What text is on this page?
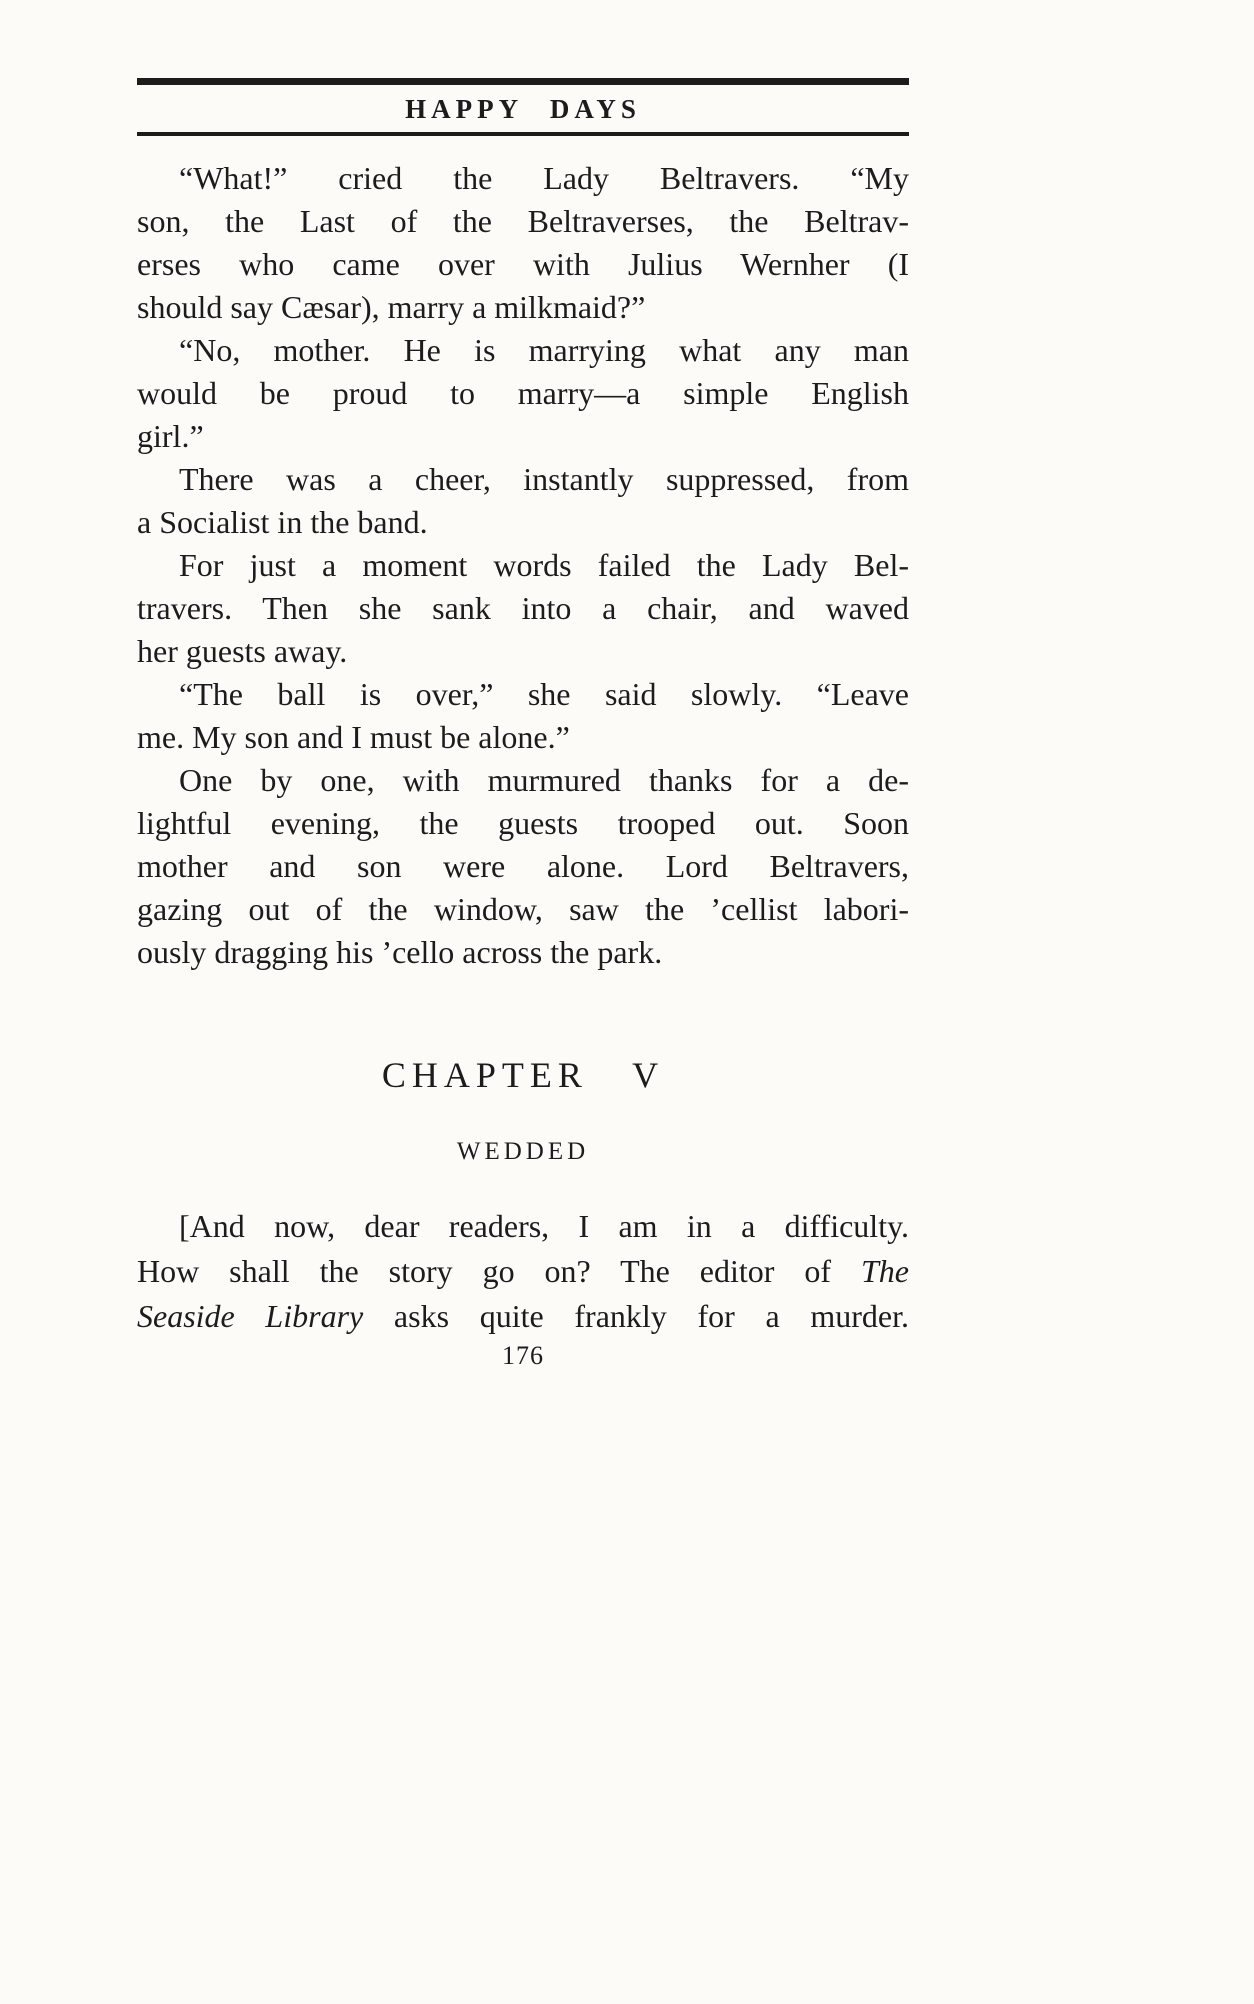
HAPPY DAYS
“What!” cried the Lady Beltravers. “My
son, the Last of the Beltraverses, the Beltrav-
erses who came over with Julius Wernher (I
should say Cæsar), marry a milkmaid?”
“No, mother. He is marrying what any man
would be proud to marry—a simple English
girl.”
There was a cheer, instantly suppressed, from
a Socialist in the band.
For just a moment words failed the Lady Bel-
travers. Then she sank into a chair, and waved
her guests away.
“The ball is over,” she said slowly. “Leave
me. My son and I must be alone.”
One by one, with murmured thanks for a de-
lightful evening, the guests trooped out. Soon
mother and son were alone. Lord Beltravers,
gazing out of the window, saw the ’cellist labori-
ously dragging his ’cello across the park.
CHAPTER V
WEDDED
[And now, dear readers, I am in a difficulty.
How shall the story go on? The editor of The
Seaside Library asks quite frankly for a murder.
176
